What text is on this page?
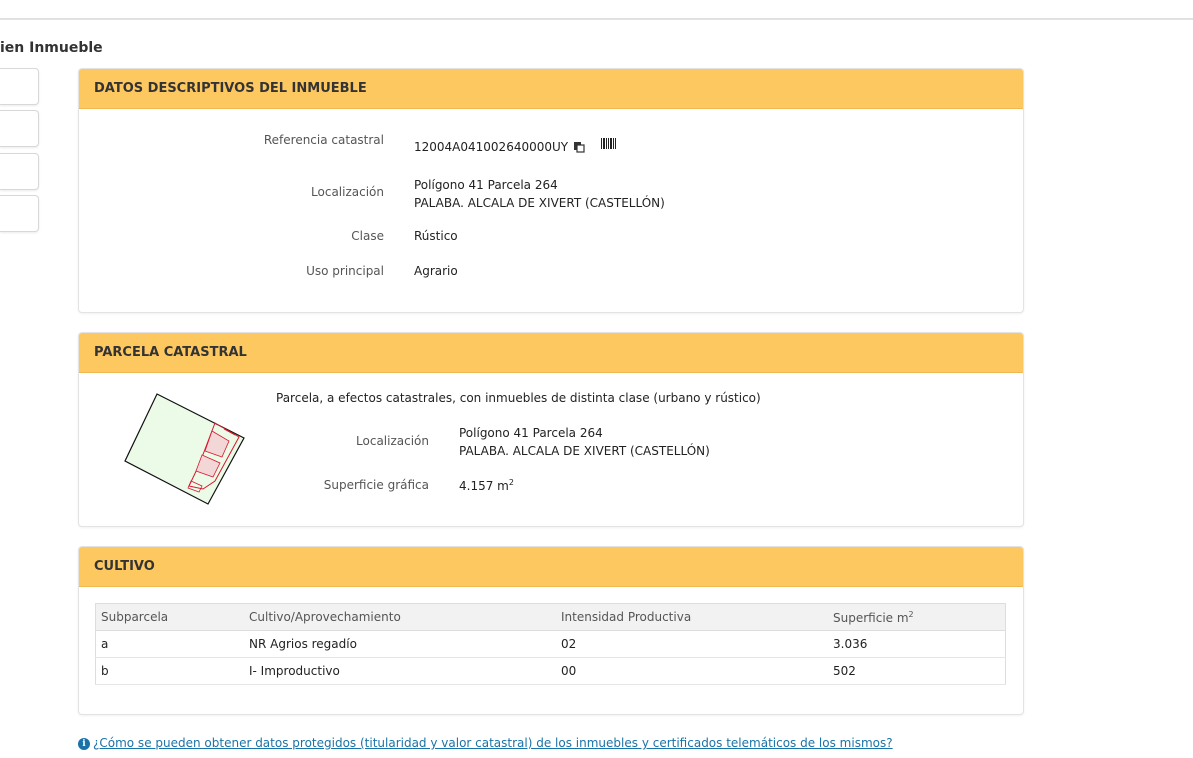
ien Inmueble
DATOS DESCRIPTIVOS DEL INMUEBLE
Referencia catastral	12004A041002640000UY
Localización	Polígono 41 Parcela 264
PALABA. ALCALA DE XIVERT (CASTELLÓN)
Clase	Rústico
Uso principal	Agrario
PARCELA CATASTRAL
Parcela, a efectos catastrales, con inmuebles de distinta clase (urbano y rústico)
Localización
Polígono 41 Parcela 264
PALABA. ALCALA DE XIVERT (CASTELLÓN)
Superficie gráfica	4.157 $m^2$
CULTIVO
Subparcela	Cultivo/Aprovechamiento	Intensidad Productiva	Superficie $m^2$
a	NR Agrios regadío	02	3.036
b	I- Improductivo	00	502
i ¿Cómo se pueden obtener datos protegidos (titularidad y valor catastral) de los inmuebles y certificados telemáticos de los mismos?
